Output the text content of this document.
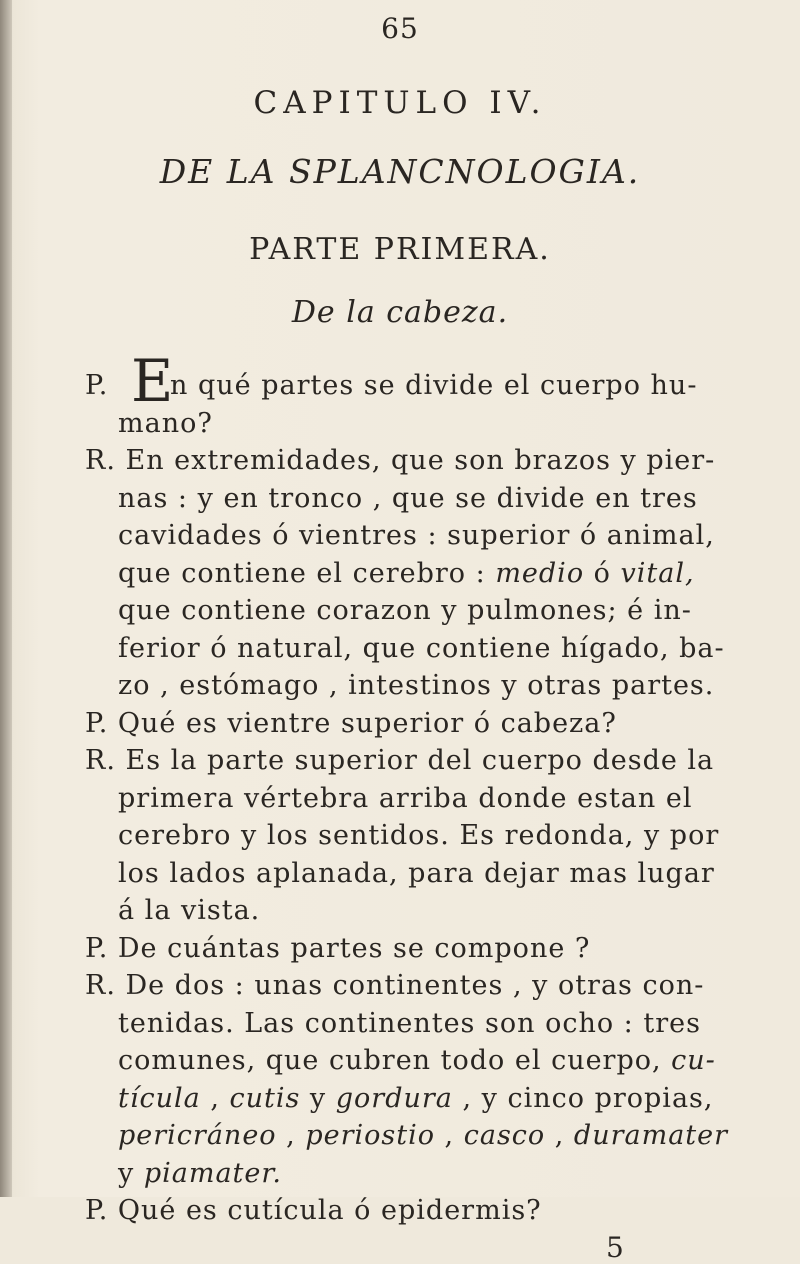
65
CAPITULO IV.
DE LA SPLANCNOLOGIA.
PARTE PRIMERA.
De la cabeza.
E
P. n qué partes se divide el cuerpo hu-
mano?
R. En extremidades, que son brazos y pier-
nas : y en tronco , que se divide en tres
cavidades ó vientres : superior ó animal,
que contiene el cerebro : medio ó vital,
que contiene corazon y pulmones; é in-
ferior ó natural, que contiene hígado, ba-
zo , estómago , intestinos y otras partes.
P. Qué es vientre superior ó cabeza?
R. Es la parte superior del cuerpo desde la
primera vértebra arriba donde estan el
cerebro y los sentidos. Es redonda, y por
los lados aplanada, para dejar mas lugar
á la vista.
P. De cuántas partes se compone ?
R. De dos : unas continentes , y otras con-
tenidas. Las continentes son ocho : tres
comunes, que cubren todo el cuerpo, cu-
tícula , cutis y gordura , y cinco propias,
pericráneo , periostio , casco , duramater
y piamater.
P. Qué es cutícula ó epidermis?
5
